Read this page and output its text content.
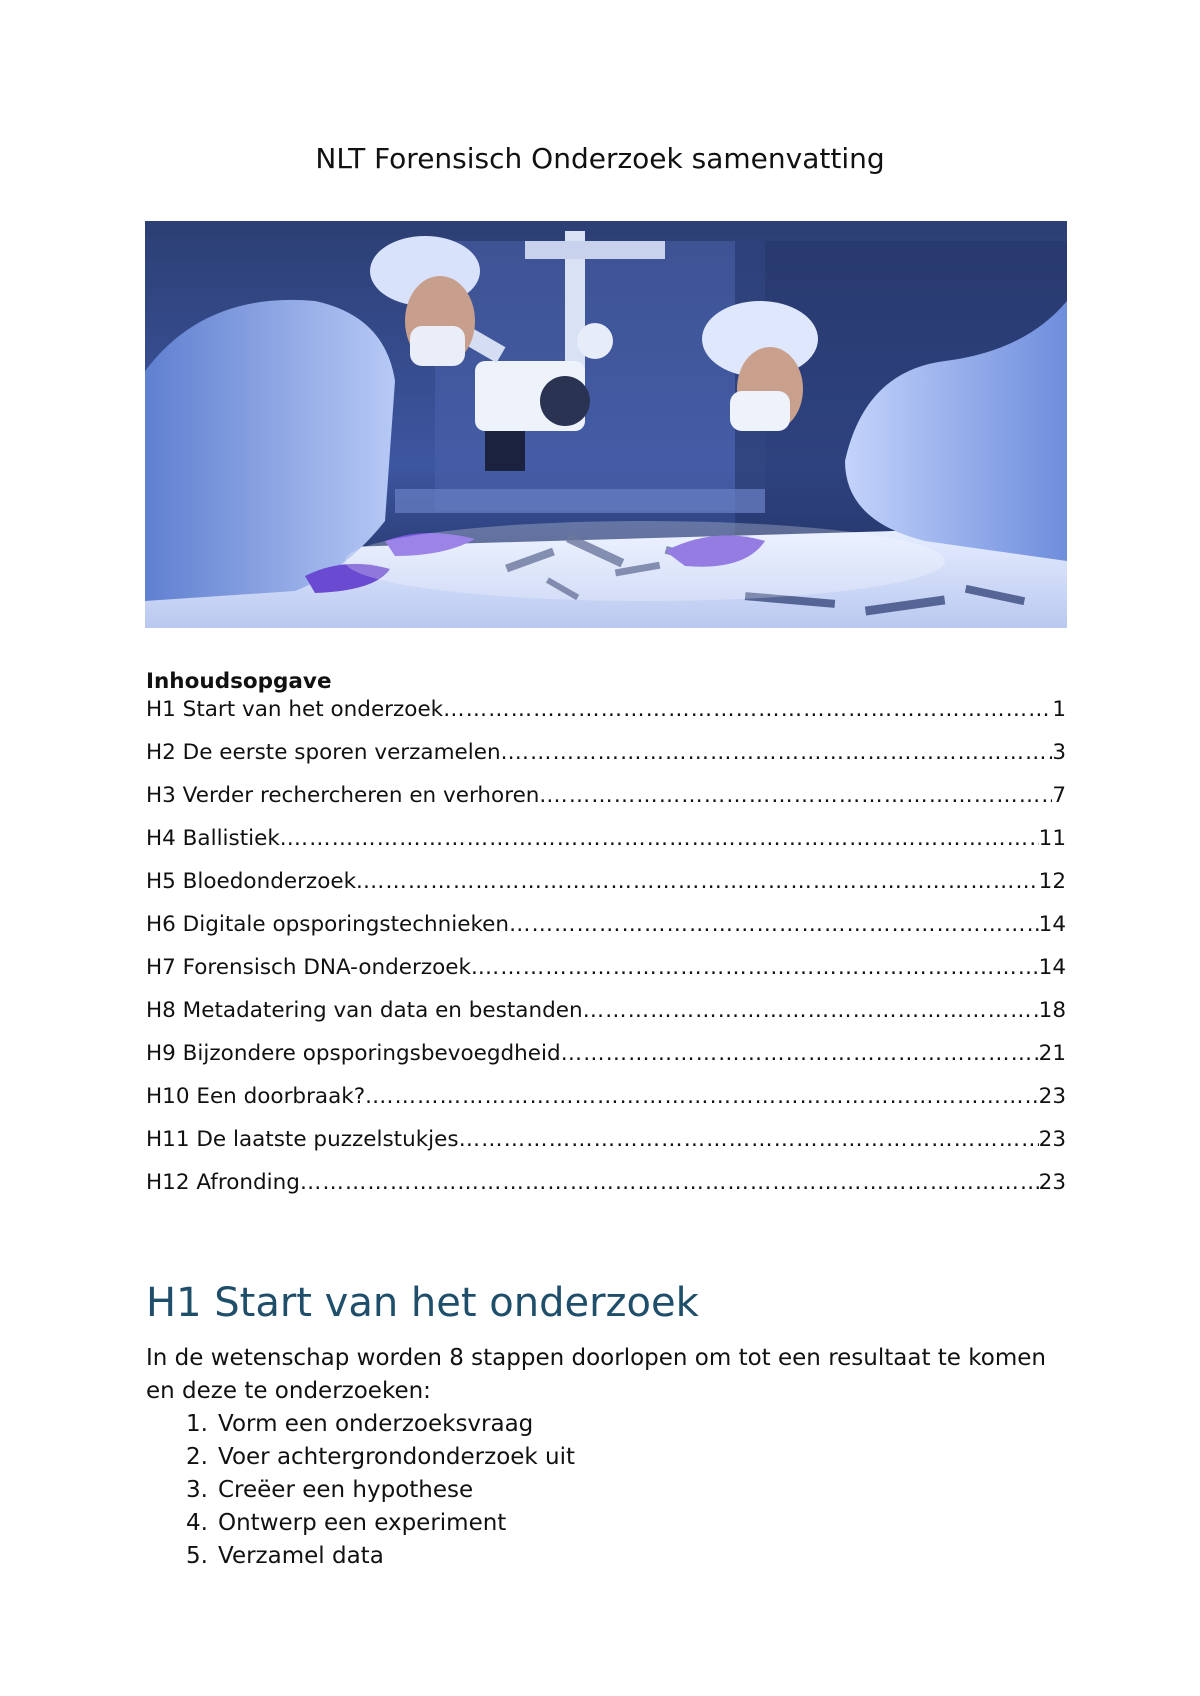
NLT Forensisch Onderzoek samenvatting
Inhoudsopgave
H1 Start van het onderzoek …………………………………………………………………………………………………………………………………………………………………………………………………………	1
H2 De eerste sporen verzamelen. …………………………………………………………………………………………………………………………………………………………………………………………………………	3
H3 Verder rechercheren en verhoren. …………………………………………………………………………………………………………………………………………………………………………………………………………	7
H4 Ballistiek. …………………………………………………………………………………………………………………………………………………………………………………………………………	11
H5 Bloedonderzoek. …………………………………………………………………………………………………………………………………………………………………………………………………………	12
H6 Digitale opsporingstechnieken …………………………………………………………………………………………………………………………………………………………………………………………………………	14
H7 Forensisch DNA-onderzoek. …………………………………………………………………………………………………………………………………………………………………………………………………………	14
H8 Metadatering van data en bestanden …………………………………………………………………………………………………………………………………………………………………………………………………………	18
H9 Bijzondere opsporingsbevoegdheid …………………………………………………………………………………………………………………………………………………………………………………………………………	21
H10 Een doorbraak?. …………………………………………………………………………………………………………………………………………………………………………………………………………	23
H11 De laatste puzzelstukjes …………………………………………………………………………………………………………………………………………………………………………………………………………	23
H12 Afronding …………………………………………………………………………………………………………………………………………………………………………………………………………	23
H1 Start van het onderzoek
In de wetenschap worden 8 stappen doorlopen om tot een resultaat te komen en deze te onderzoeken:
1. Vorm een onderzoeksvraag
2. Voer achtergrondonderzoek uit
3. Creëer een hypothese
4. Ontwerp een experiment
5. Verzamel data
